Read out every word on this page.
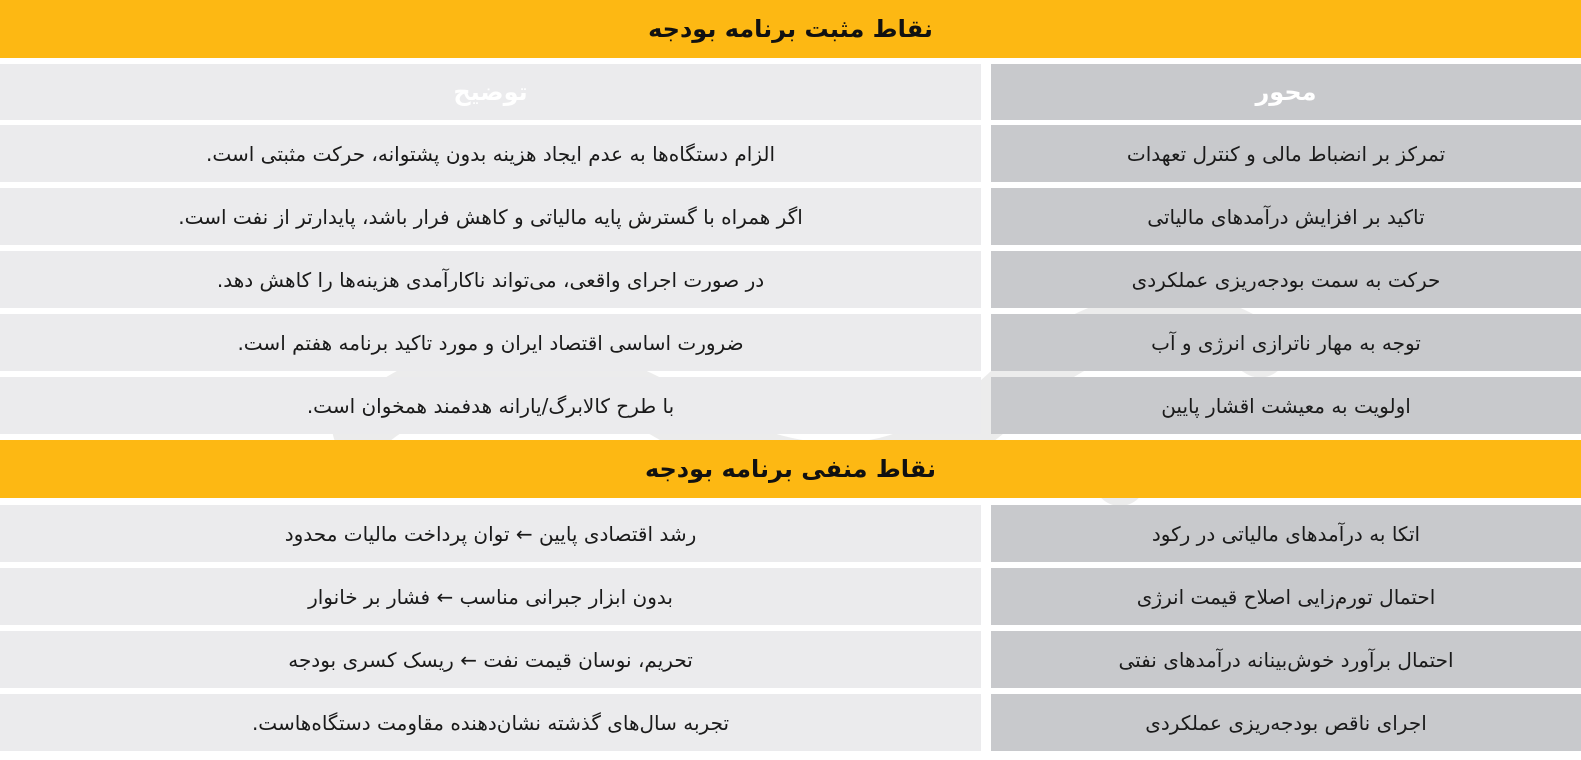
نقاط مثبت برنامه بودجه
محور
توضیح
تمرکز بر انضباط مالی و کنترل تعهدات
الزام دستگاه‌ها به عدم ایجاد هزینه بدون پشتوانه، حرکت مثبتی است.
تاکید بر افزایش درآمدهای مالیاتی
اگر همراه با گسترش پایه مالیاتی و کاهش فرار باشد، پایدارتر از نفت است.
حرکت به سمت بودجه‌ریزی عملکردی
در صورت اجرای واقعی، می‌تواند ناکارآمدی هزینه‌ها را کاهش دهد.
توجه به مهار ناترازی انرژی و آب
ضرورت اساسی اقتصاد ایران و مورد تاکید برنامه هفتم است.
اولویت به معیشت اقشار پایین
با طرح کالابرگ/یارانه هدفمند همخوان است.
نقاط منفی برنامه بودجه
اتکا به درآمدهای مالیاتی در رکود
رشد اقتصادی پایین ← توان پرداخت مالیات محدود
احتمال تورم‌زایی اصلاح قیمت انرژی
بدون ابزار جبرانی مناسب ← فشار بر خانوار
احتمال برآورد خوش‌بینانه درآمدهای نفتی
تحریم، نوسان قیمت نفت ← ریسک کسری بودجه
اجرای ناقص بودجه‌ریزی عملکردی
تجربه سال‌های گذشته نشان‌دهنده مقاومت دستگاه‌هاست.
